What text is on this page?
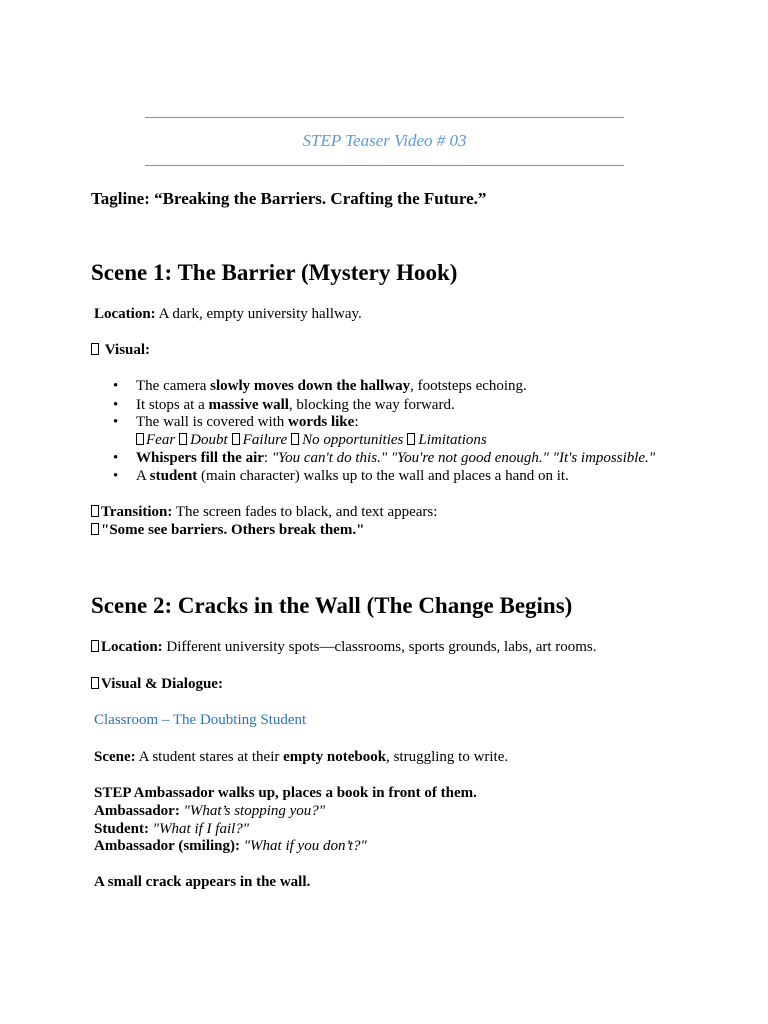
STEP Teaser Video # 03
Tagline: “Breaking the Barriers. Crafting the Future.”
Scene 1: The Barrier (Mystery Hook)
Location: A dark, empty university hallway.
Visual:
• The camera slowly moves down the hallway, footsteps echoing.
• It stops at a massive wall, blocking the way forward.
• The wall is covered with words like:
Fear Doubt Failure No opportunities Limitations
• Whispers fill the air: "You can't do this." "You're not good enough." "It's impossible."
• A student (main character) walks up to the wall and places a hand on it.
Transition: The screen fades to black, and text appears:
"Some see barriers. Others break them."
Scene 2: Cracks in the Wall (The Change Begins)
Location: Different university spots—classrooms, sports grounds, labs, art rooms.
Visual & Dialogue:
Classroom – The Doubting Student
Scene: A student stares at their empty notebook, struggling to write.
STEP Ambassador walks up, places a book in front of them.
Ambassador: "What’s stopping you?"
Student: "What if I fail?"
Ambassador (smiling): "What if you don’t?"
A small crack appears in the wall.
